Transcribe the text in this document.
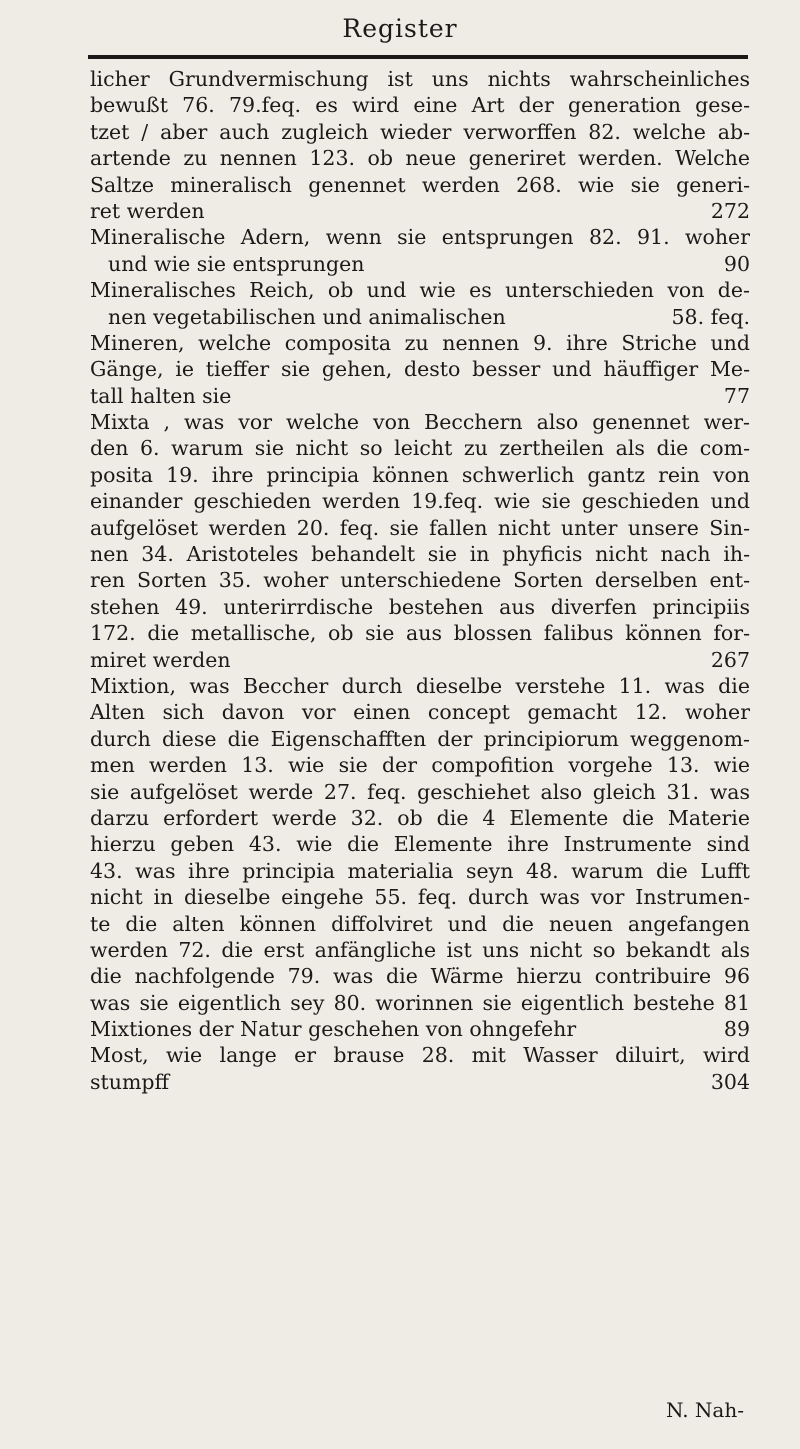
Register
licher Grundvermischung ist uns nichts wahrscheinliches
bewußt 76. 79.feq. es wird eine Art der generation gese-
tzet / aber auch zugleich wieder verworffen 82. welche ab-
artende zu nennen 123. ob neue generiret werden. Welche
Saltze mineralisch genennet werden 268. wie sie generi-
ret werden	272
Mineralische Adern, wenn sie entsprungen 82. 91. woher
und wie sie entsprungen	90
Mineralisches Reich, ob und wie es unterschieden von de-
nen vegetabilischen und animalischen	58. feq.
Mineren, welche composita zu nennen 9. ihre Striche und
Gänge, ie tieffer sie gehen, desto besser und häuffiger Me-
tall halten sie	77
Mixta , was vor welche von Becchern also genennet wer-
den 6. warum sie nicht so leicht zu zertheilen als die com-
posita 19. ihre principia können schwerlich gantz rein von
einander geschieden werden 19.feq. wie sie geschieden und
aufgelöset werden 20. feq. sie fallen nicht unter unsere Sin-
nen 34. Aristoteles behandelt sie in phyficis nicht nach ih-
ren Sorten 35. woher unterschiedene Sorten derselben ent-
stehen 49. unterirrdische bestehen aus diverfen principiis
172. die metallische, ob sie aus blossen falibus können for-
miret werden	267
Mixtion, was Beccher durch dieselbe verstehe 11. was die
Alten sich davon vor einen concept gemacht 12. woher
durch diese die Eigenschafften der principiorum weggenom-
men werden 13. wie sie der compofition vorgehe 13. wie
sie aufgelöset werde 27. feq. geschiehet also gleich 31. was
darzu erfordert werde 32. ob die 4 Elemente die Materie
hierzu geben 43. wie die Elemente ihre Instrumente sind
43. was ihre principia materialia seyn 48. warum die Lufft
nicht in dieselbe eingehe 55. feq. durch was vor Instrumen-
te die alten können diffolviret und die neuen angefangen
werden 72. die erst anfängliche ist uns nicht so bekandt als
die nachfolgende 79. was die Wärme hierzu contribuire 96
was sie eigentlich sey 80. worinnen sie eigentlich bestehe 81
Mixtiones der Natur geschehen von ohngefehr	89
Most, wie lange er brause 28. mit Wasser diluirt, wird
stumpff	304
N. Nah-
